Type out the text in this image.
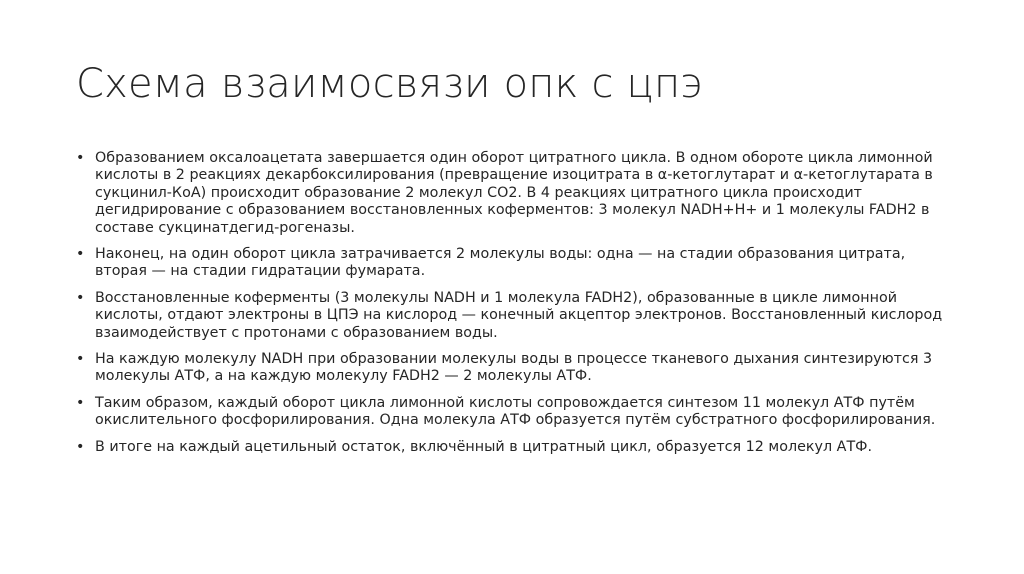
Схема взаимосвязи опк с цпэ
• Образованием оксалоацетата завершается один оборот цитратного цикла. В одном обороте цикла лимонной кислоты в 2 реакциях декарбоксилирования (превращение изоцитрата в α-кетоглутарат и α-кетоглутарата в сукцинил-КоА) происходит образование 2 молекул СО2. В 4 реакциях цитратного цикла происходит дегидрирование с образованием восстановленных коферментов: 3 молекул NADH+H+ и 1 молекулы FADH2 в составе сукцинатдегид-рогеназы.
• Наконец, на один оборот цикла затрачивается 2 молекулы воды: одна — на стадии образования цитрата, вторая — на стадии гидратации фумарата.
• Восстановленные коферменты (3 молекулы NADH и 1 молекула FADH2), образованные в цикле лимонной кислоты, отдают электроны в ЦПЭ на кислород — конечный акцептор электронов. Восстановленный кислород взаимодействует с протонами с образованием воды.
• На каждую молекулу NADH при образовании молекулы воды в процессе тканевого дыхания синтезируются 3 молекулы АТФ, а на каждую молекулу FADH2 — 2 молекулы АТФ.
• Таким образом, каждый оборот цикла лимонной кислоты сопровождается синтезом 11 молекул АТФ путём окислительного фосфорилирования. Одна молекула АТФ образуется путём субстратного фосфорилирования.
• В итоге на каждый ацетильный остаток, включённый в цитратный цикл, образуется 12 молекул АТФ.
